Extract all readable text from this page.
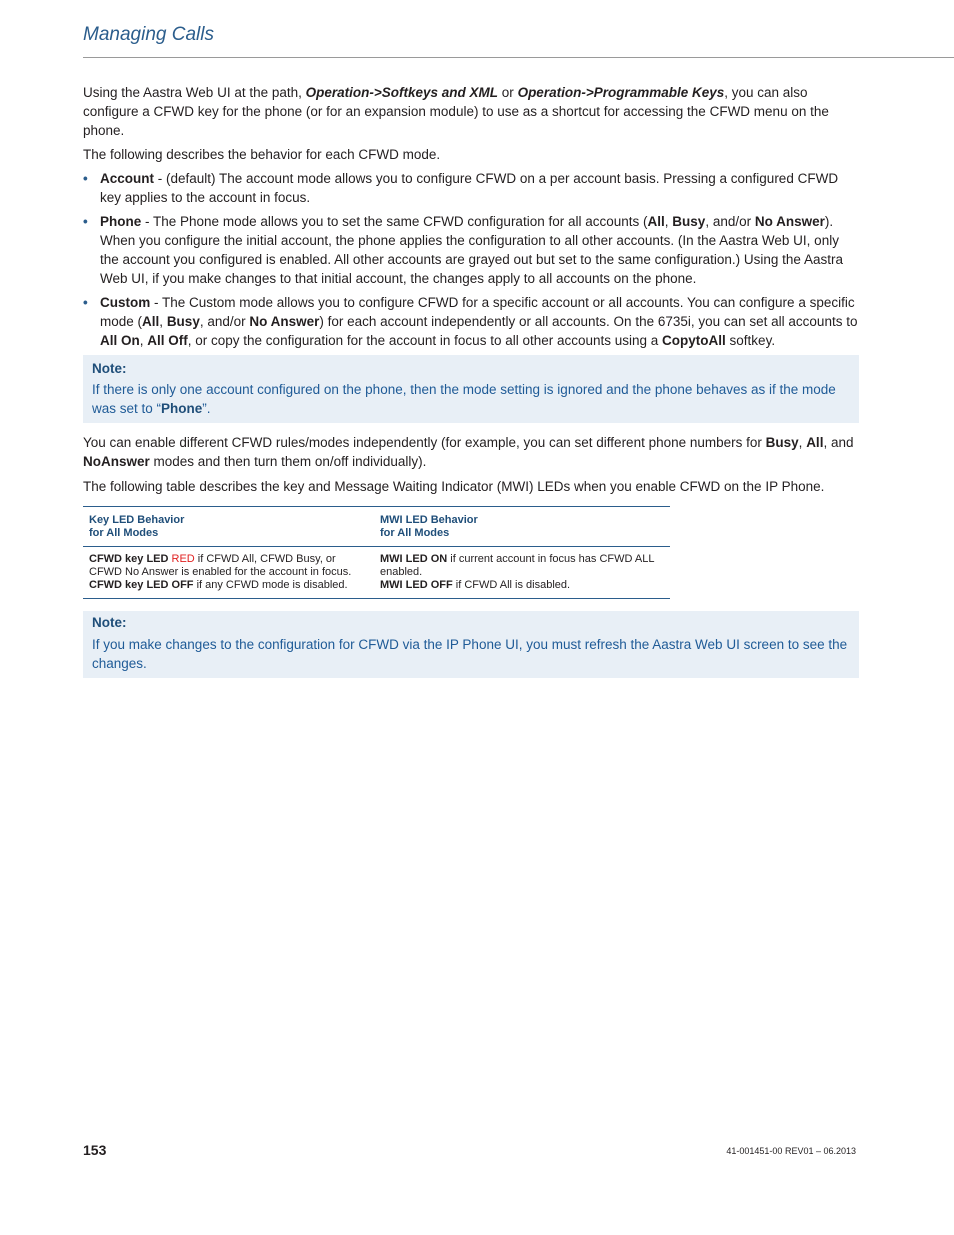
Managing Calls

Using the Aastra Web UI at the path, Operation->Softkeys and XML or Operation->Programmable Keys, you can also configure a CFWD key for the phone (or for an expansion module) to use as a shortcut for accessing the CFWD menu on the phone.

The following describes the behavior for each CFWD mode.

• Account - (default) The account mode allows you to configure CFWD on a per account basis. Pressing a configured CFWD key applies to the account in focus.
• Phone - The Phone mode allows you to set the same CFWD configuration for all accounts (All, Busy, and/or No Answer). When you configure the initial account, the phone applies the configuration to all other accounts. (In the Aastra Web UI, only the account you configured is enabled. All other accounts are grayed out but set to the same configuration.) Using the Aastra Web UI, if you make changes to that initial account, the changes apply to all accounts on the phone.
• Custom - The Custom mode allows you to configure CFWD for a specific account or all accounts. You can configure a specific mode (All, Busy, and/or No Answer) for each account independently or all accounts. On the 6735i, you can set all accounts to All On, All Off, or copy the configuration for the account in focus to all other accounts using a CopytoAll softkey.
Note:
If there is only one account configured on the phone, then the mode setting is ignored and the phone behaves as if the mode was set to “Phone”.

You can enable different CFWD rules/modes independently (for example, you can set different phone numbers for Busy, All, and NoAnswer modes and then turn them on/off individually).

The following table describes the key and Message Waiting Indicator (MWI) LEDs when you enable CFWD on the IP Phone.

Key LED Behavior
for All Modes	MWI LED Behavior
for All Modes
CFWD key LED RED if CFWD All, CFWD Busy, or CFWD No Answer is enabled for the account in focus.
CFWD key LED OFF if any CFWD mode is disabled.	MWI LED ON if current account in focus has CFWD ALL enabled.
MWI LED OFF if CFWD All is disabled.
Note:
If you make changes to the configuration for CFWD via the IP Phone UI, you must refresh the Aastra Web UI screen to see the changes.
153	41-001451-00 REV01 – 06.2013
